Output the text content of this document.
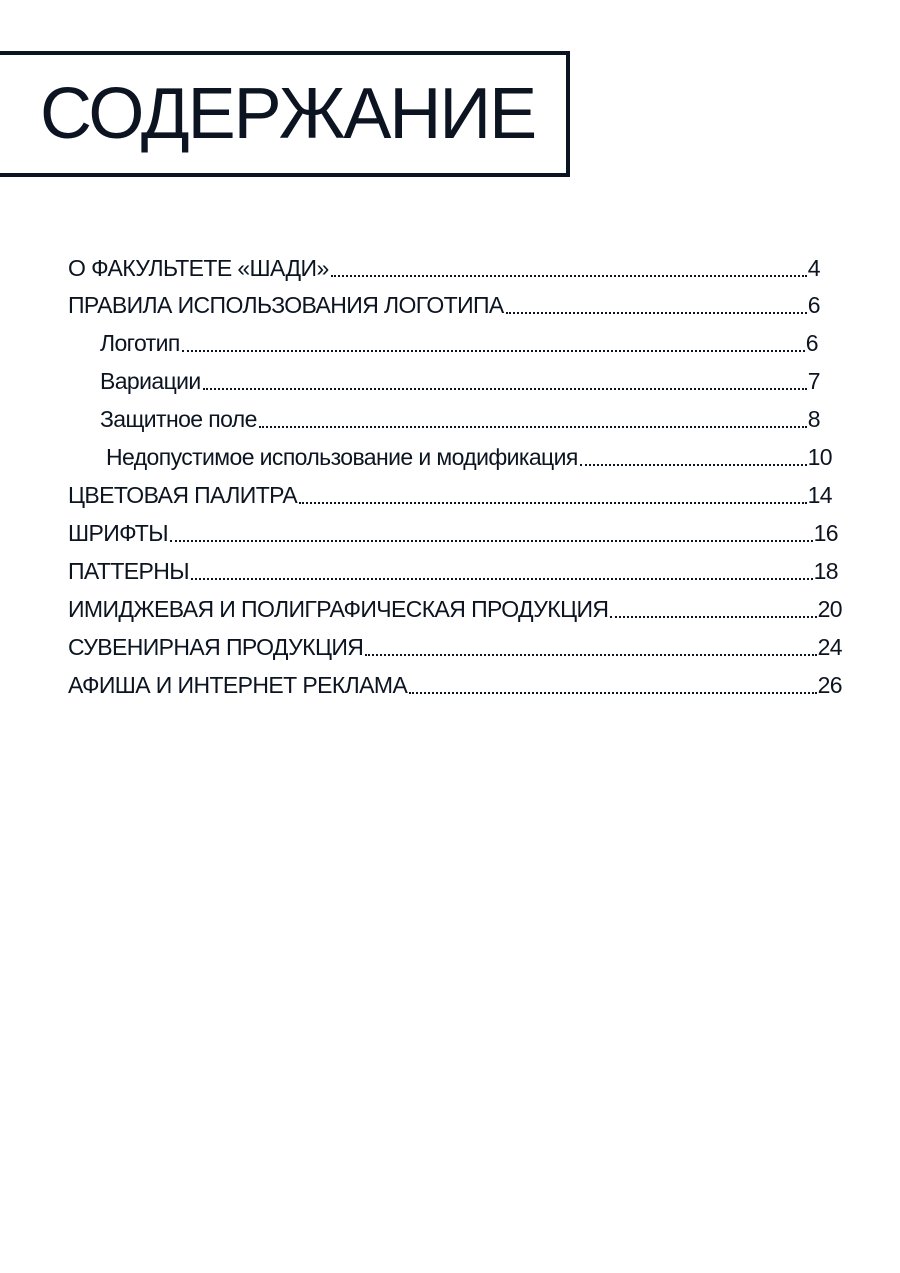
СОДЕРЖАНИЕ
О ФАКУЛЬТЕТЕ «ШАДИ»	4
ПРАВИЛА ИСПОЛЬЗОВАНИЯ ЛОГОТИПА	6
Логотип	6
Вариации	7
Защитное поле	8
Недопустимое использование и модификация	10
ЦВЕТОВАЯ ПАЛИТРА	14
ШРИФТЫ	16
ПАТТЕРНЫ	18
ИМИДЖЕВАЯ И ПОЛИГРАФИЧЕСКАЯ ПРОДУКЦИЯ	20
СУВЕНИРНАЯ ПРОДУКЦИЯ	24
АФИША И ИНТЕРНЕТ РЕКЛАМА	26
